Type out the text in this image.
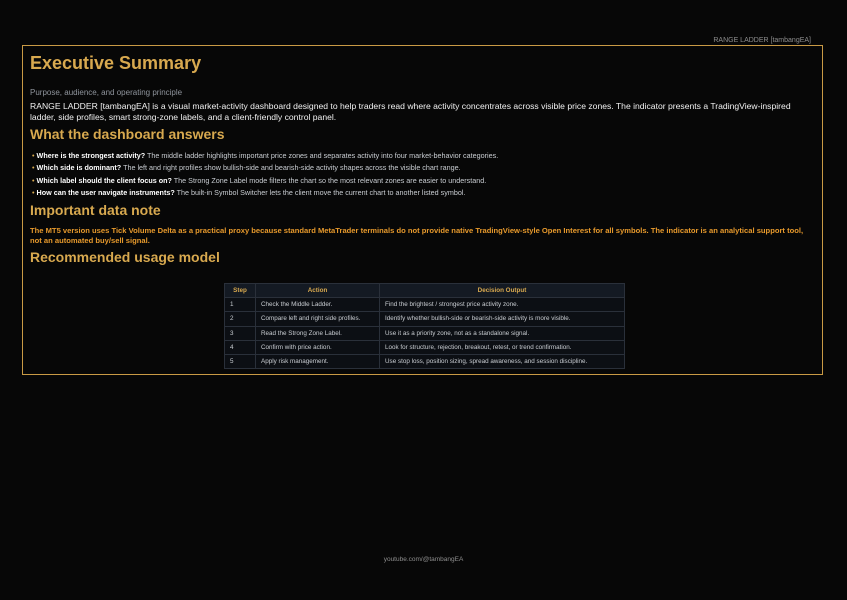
RANGE LADDER [tambangEA]
Executive Summary
Purpose, audience, and operating principle
RANGE LADDER [tambangEA] is a visual market-activity dashboard designed to help traders read where activity concentrates across visible price zones. The indicator presents a TradingView-inspired ladder, side profiles, smart strong-zone labels, and a client-friendly control panel.
What the dashboard answers
• Where is the strongest activity? The middle ladder highlights important price zones and separates activity into four market-behavior categories.
• Which side is dominant? The left and right profiles show bullish-side and bearish-side activity shapes across the visible chart range.
• Which label should the client focus on? The Strong Zone Label mode filters the chart so the most relevant zones are easier to understand.
• How can the user navigate instruments? The built-in Symbol Switcher lets the client move the current chart to another listed symbol.
Important data note
The MT5 version uses Tick Volume Delta as a practical proxy because standard MetaTrader terminals do not provide native TradingView-style Open Interest for all symbols. The indicator is an analytical support tool, not an automated buy/sell signal.
Recommended usage model
Step	Action	Decision Output
1	Check the Middle Ladder.	Find the brightest / strongest price activity zone.
2	Compare left and right side profiles.	Identify whether bullish-side or bearish-side activity is more visible.
3	Read the Strong Zone Label.	Use it as a priority zone, not as a standalone signal.
4	Confirm with price action.	Look for structure, rejection, breakout, retest, or trend confirmation.
5	Apply risk management.	Use stop loss, position sizing, spread awareness, and session discipline.
youtube.com/@tambangEA
